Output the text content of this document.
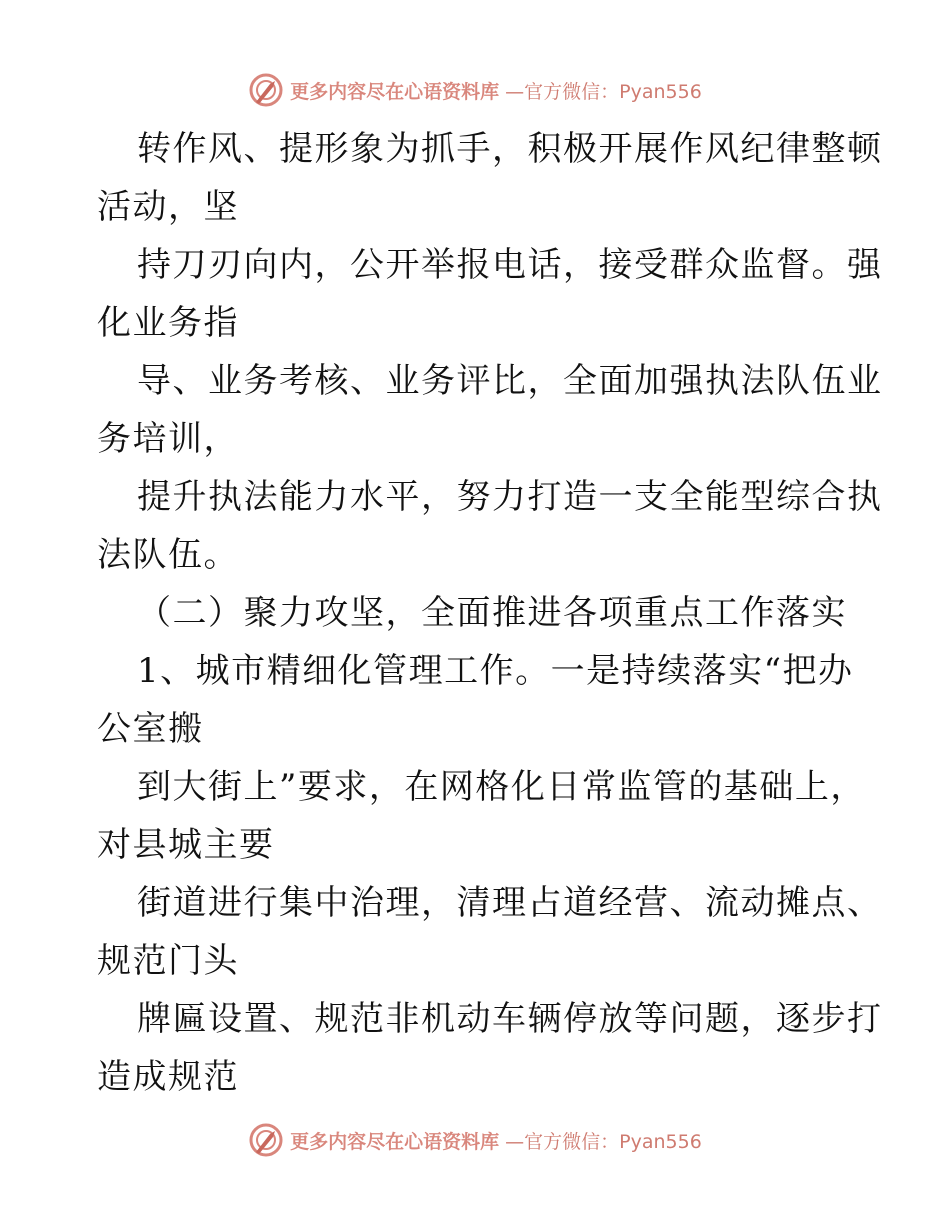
更多内容尽在心语资料库 —官方微信：Pyan556
转作风、提形象为抓手，积极开展作风纪律整顿
活动，坚
持刀刃向内，公开举报电话，接受群众监督。强
化业务指
导、业务考核、业务评比，全面加强执法队伍业
务培训，
提升执法能力水平，努力打造一支全能型综合执
法队伍。
（二）聚力攻坚，全面推进各项重点工作落实
1、城市精细化管理工作。一是持续落实“把办
公室搬
到大街上”要求，在网格化日常监管的基础上，
对县城主要
街道进行集中治理，清理占道经营、流动摊点、
规范门头
牌匾设置、规范非机动车辆停放等问题，逐步打
造成规范
更多内容尽在心语资料库 —官方微信：Pyan556
